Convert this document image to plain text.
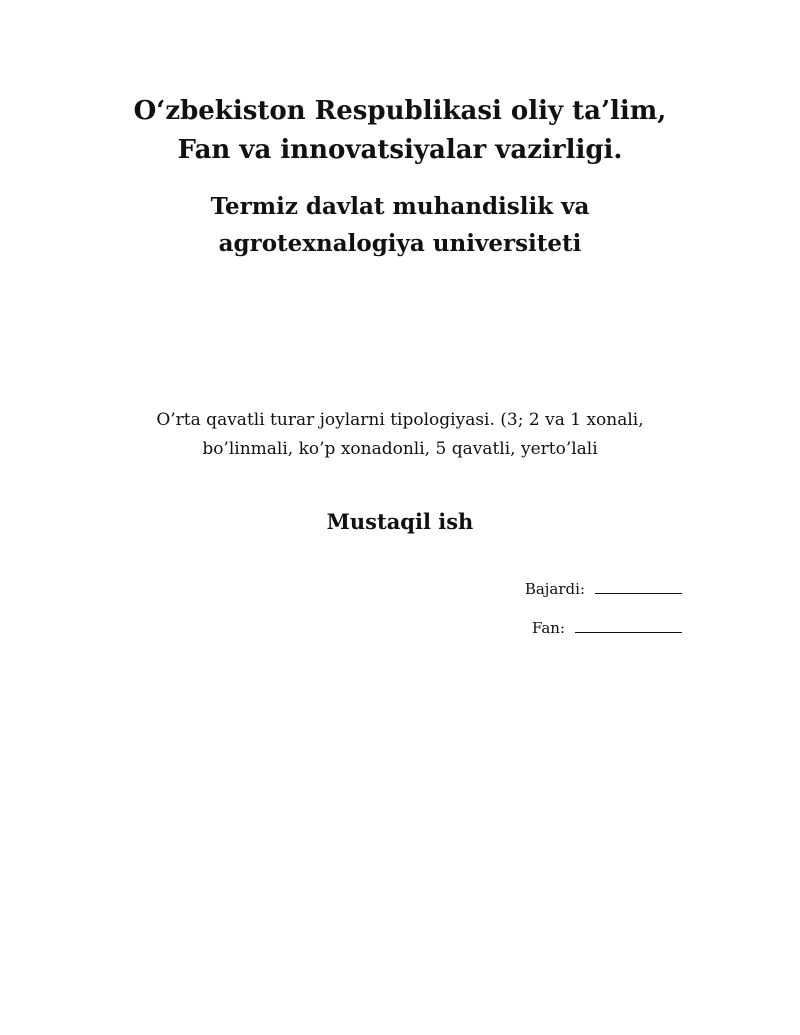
O‘zbekiston Respublikasi oliy ta’lim,
Fan va innovatsiyalar vazirligi.
Termiz davlat muhandislik va
agrotexnalogiya universiteti
O’rta qavatli turar joylarni tipologiyasi. (3; 2 va 1 xonali,
bo’linmali, ko’p xonadonli, 5 qavatli, yerto’lali
Mustaqil ish
Bajardi:
Fan:
